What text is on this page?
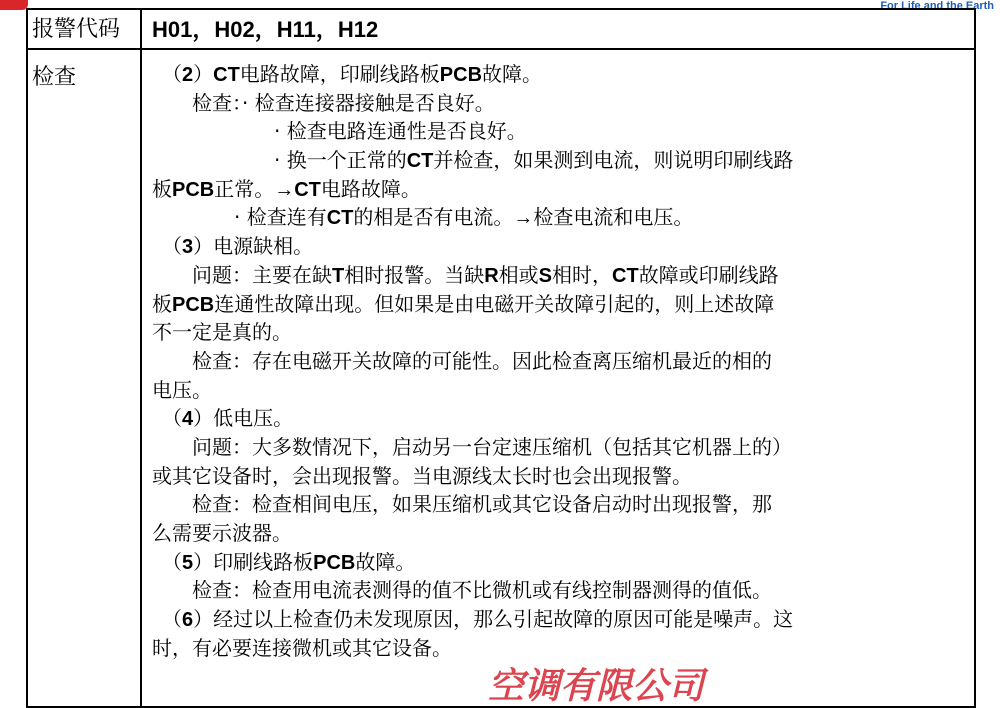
For Life and the Earth
报警代码 H01，H02，H11，H12
检查	（2）CT电路故障，印刷线路板PCB故障。
检查：· 检查连接器接触是否良好。
· 检查电路连通性是否良好。
· 换一个正常的CT并检查，如果测到电流，则说明印刷线路
板PCB正常。→CT电路故障。
· 检查连有CT的相是否有电流。→检查电流和电压。
（3）电源缺相。
问题：主要在缺T相时报警。当缺R相或S相时，CT故障或印刷线路
板PCB连通性故障出现。但如果是由电磁开关故障引起的，则上述故障
不一定是真的。
检查：存在电磁开关故障的可能性。因此检查离压缩机最近的相的
电压。
（4）低电压。
问题：大多数情况下，启动另一台定速压缩机（包括其它机器上的）
或其它设备时，会出现报警。当电源线太长时也会出现报警。
检查：检查相间电压，如果压缩机或其它设备启动时出现报警，那
么需要示波器。
（5）印刷线路板PCB故障。
检查：检查用电流表测得的值不比微机或有线控制器测得的值低。
（6）经过以上检查仍未发现原因，那么引起故障的原因可能是噪声。这
时，有必要连接微机或其它设备。
空调有限公司
